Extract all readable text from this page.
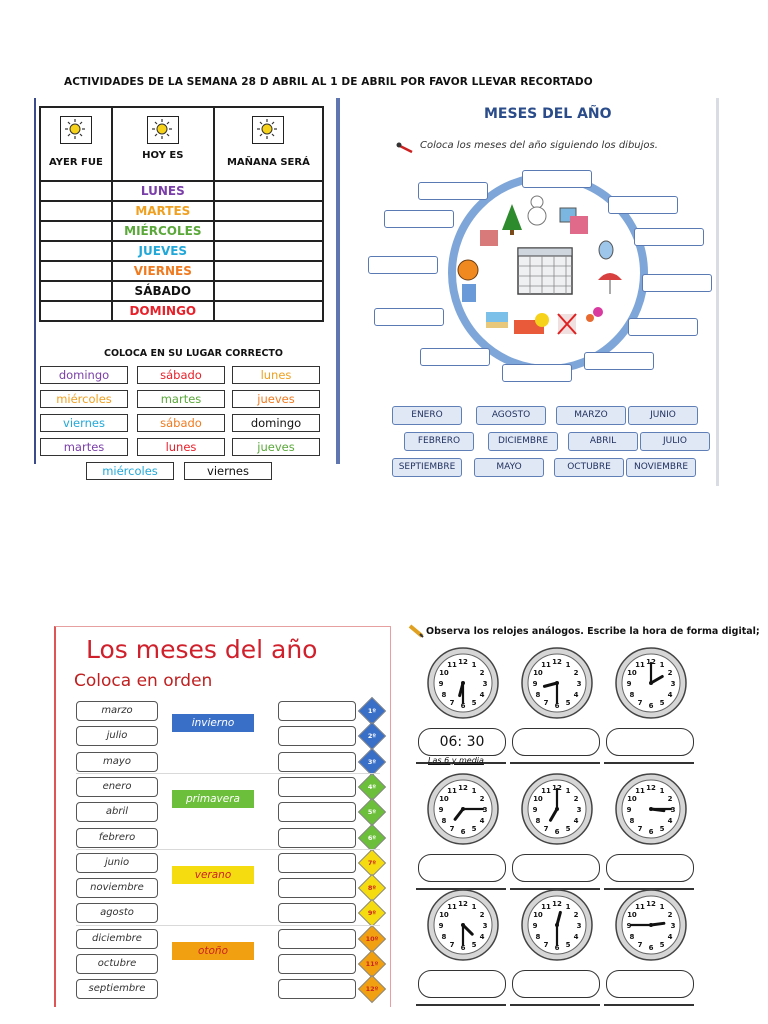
ACTIVIDADES DE LA SEMANA 28 D ABRIL AL 1 DE ABRIL POR FAVOR LLEVAR RECORTADO
AYER FUE	HOY ES	MAÑANA SERÁ

	LUNES	
	MARTES	
	MIÉRCOLES	
	JUEVES	
	VIERNES	
	SÁBADO	
	DOMINGO	
COLOCA EN SU LUGAR CORRECTO
domingo	sábado	lunes
miércoles	martes	jueves
viernes	sábado	domingo
martes	lunes	jueves
miércoles	viernes
MESES DEL AÑO
Coloca los meses del año siguiendo los dibujos.
ENERO	AGOSTO	MARZO	JUNIO
FEBRERO	DICIEMBRE	ABRIL	JULIO
SEPTIEMBRE	MAYO	OCTUBRE	NOVIEMBRE
Los meses del año
Coloca en orden
marzo	1º
julio	2º
mayo	3º
enero	4º
abril	5º
febrero	6º
junio	7º
noviembre	8º
agosto	9º
diciembre	10º
octubre	11º
septiembre	12º
invierno
primavera
verano
otoño
Observa los relojes análogos. Escribe la hora de forma digital;
1
2
3
4
5
6
7
8
9
10
11 12
06: 30
1
2
3
4
5
6
7
8
9
10
11 12	1
2
3
4
5
6
7
8
9
10
11 12
1
2
3
4
5
6
7
8
9
10
11 12	1
2
3
4
5
6
7
8
9
10
11 12	1
2
3
4
5
6
7
8
9
10
11 12
1
2
3
4
5
6
7
8
9
10
11 12	1
2
3
4
5
6
7
8
9
10
11 12	1
2
3
4
5
6
7
8
9
10
11 12
Las 6 y media
